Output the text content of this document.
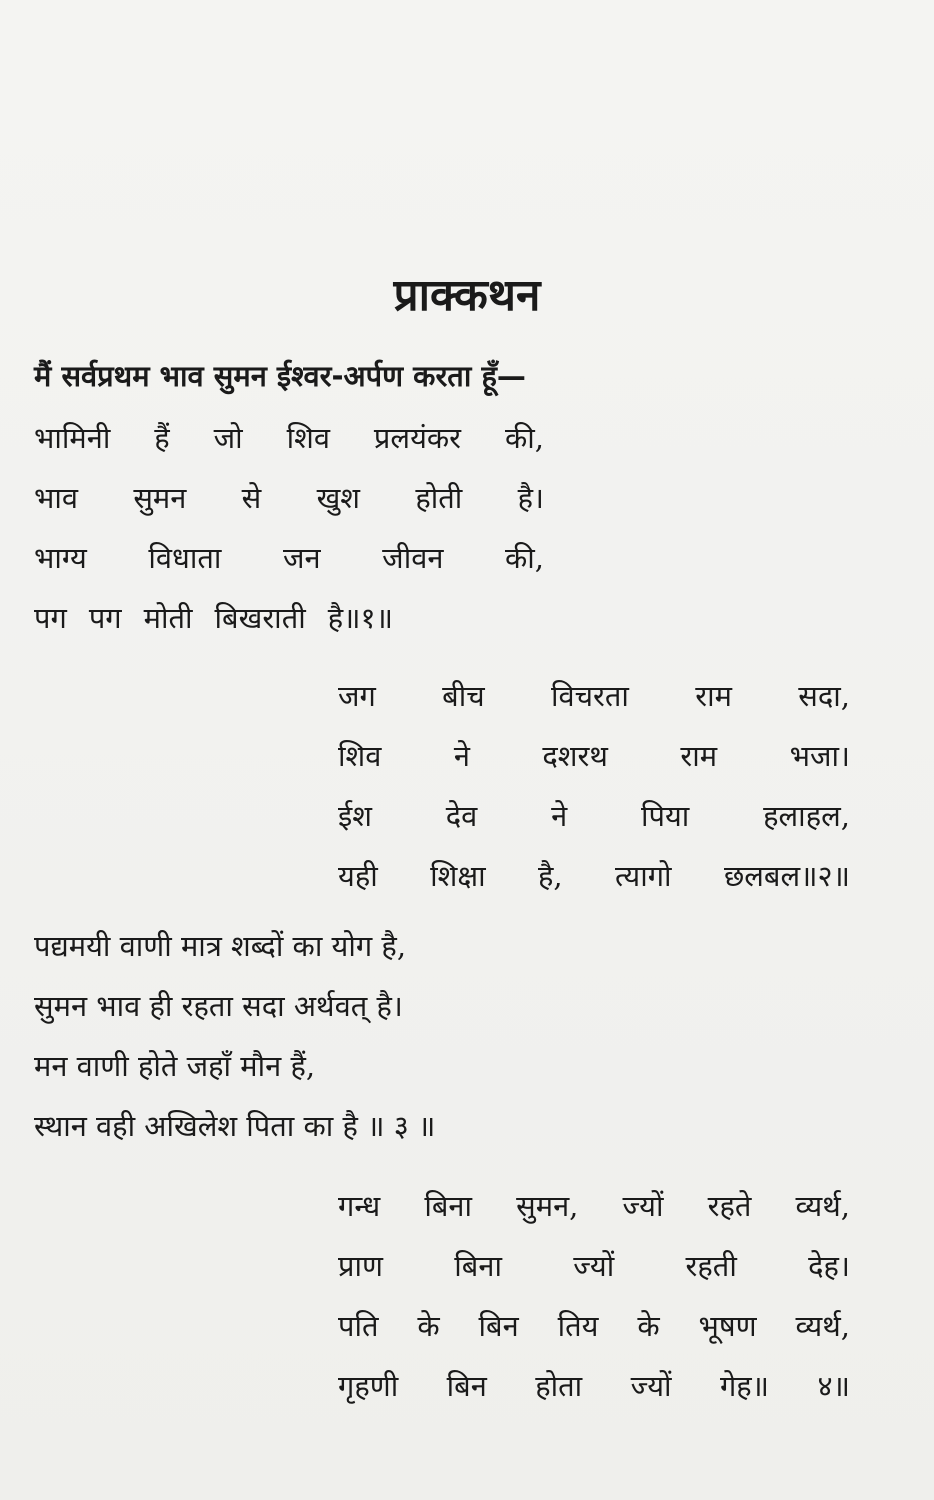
प्राक्कथन
मैं सर्वप्रथम भाव सुमन ईश्वर-अर्पण करता हूँ—
भामिनी हैं जो शिव प्रलयंकर की,
भाव सुमन से खुश होती है।
भाग्य विधाता जन जीवन की,
पग पग मोती बिखराती है॥१॥
जग बीच विचरता राम सदा,
शिव ने दशरथ राम भजा।
ईश	देव	ने	पिया	हलाहल,
यही शिक्षा है, त्यागो छलबल॥२॥
पद्यमयी वाणी मात्र शब्दों का योग है,
सुमन भाव ही रहता सदा अर्थवत् है।
मन वाणी होते जहाँ मौन हैं,
स्थान वही अखिलेश पिता का है ॥ ३ ॥
गन्ध बिना सुमन, ज्यों रहते व्यर्थ,
प्राण बिना ज्यों रहती देह।
पति के बिन तिय के भूषण व्यर्थ,
गृहणी बिन होता ज्यों गेह॥ ४॥
